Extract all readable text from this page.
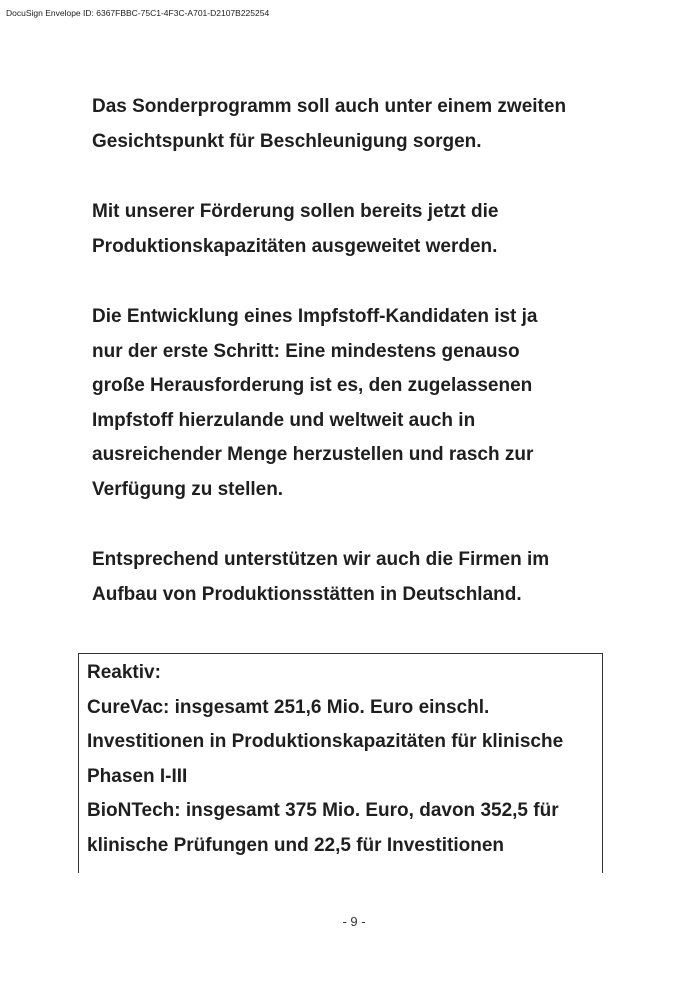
DocuSign Envelope ID: 6367FBBC-75C1-4F3C-A701-D2107B225254
Das Sonderprogramm soll auch unter einem zweiten
Gesichtspunkt für Beschleunigung sorgen.
Mit unserer Förderung sollen bereits jetzt die
Produktionskapazitäten ausgeweitet werden.
Die Entwicklung eines Impfstoff-Kandidaten ist ja
nur der erste Schritt: Eine mindestens genauso
große Herausforderung ist es, den zugelassenen
Impfstoff hierzulande und weltweit auch in
ausreichender Menge herzustellen und rasch zur
Verfügung zu stellen.
Entsprechend unterstützen wir auch die Firmen im
Aufbau von Produktionsstätten in Deutschland.
Reaktiv:
CureVac: insgesamt 251,6 Mio. Euro einschl.
Investitionen in Produktionskapazitäten für klinische
Phasen I-III
BioNTech: insgesamt 375 Mio. Euro, davon 352,5 für
klinische Prüfungen und 22,5 für Investitionen
- 9 -
